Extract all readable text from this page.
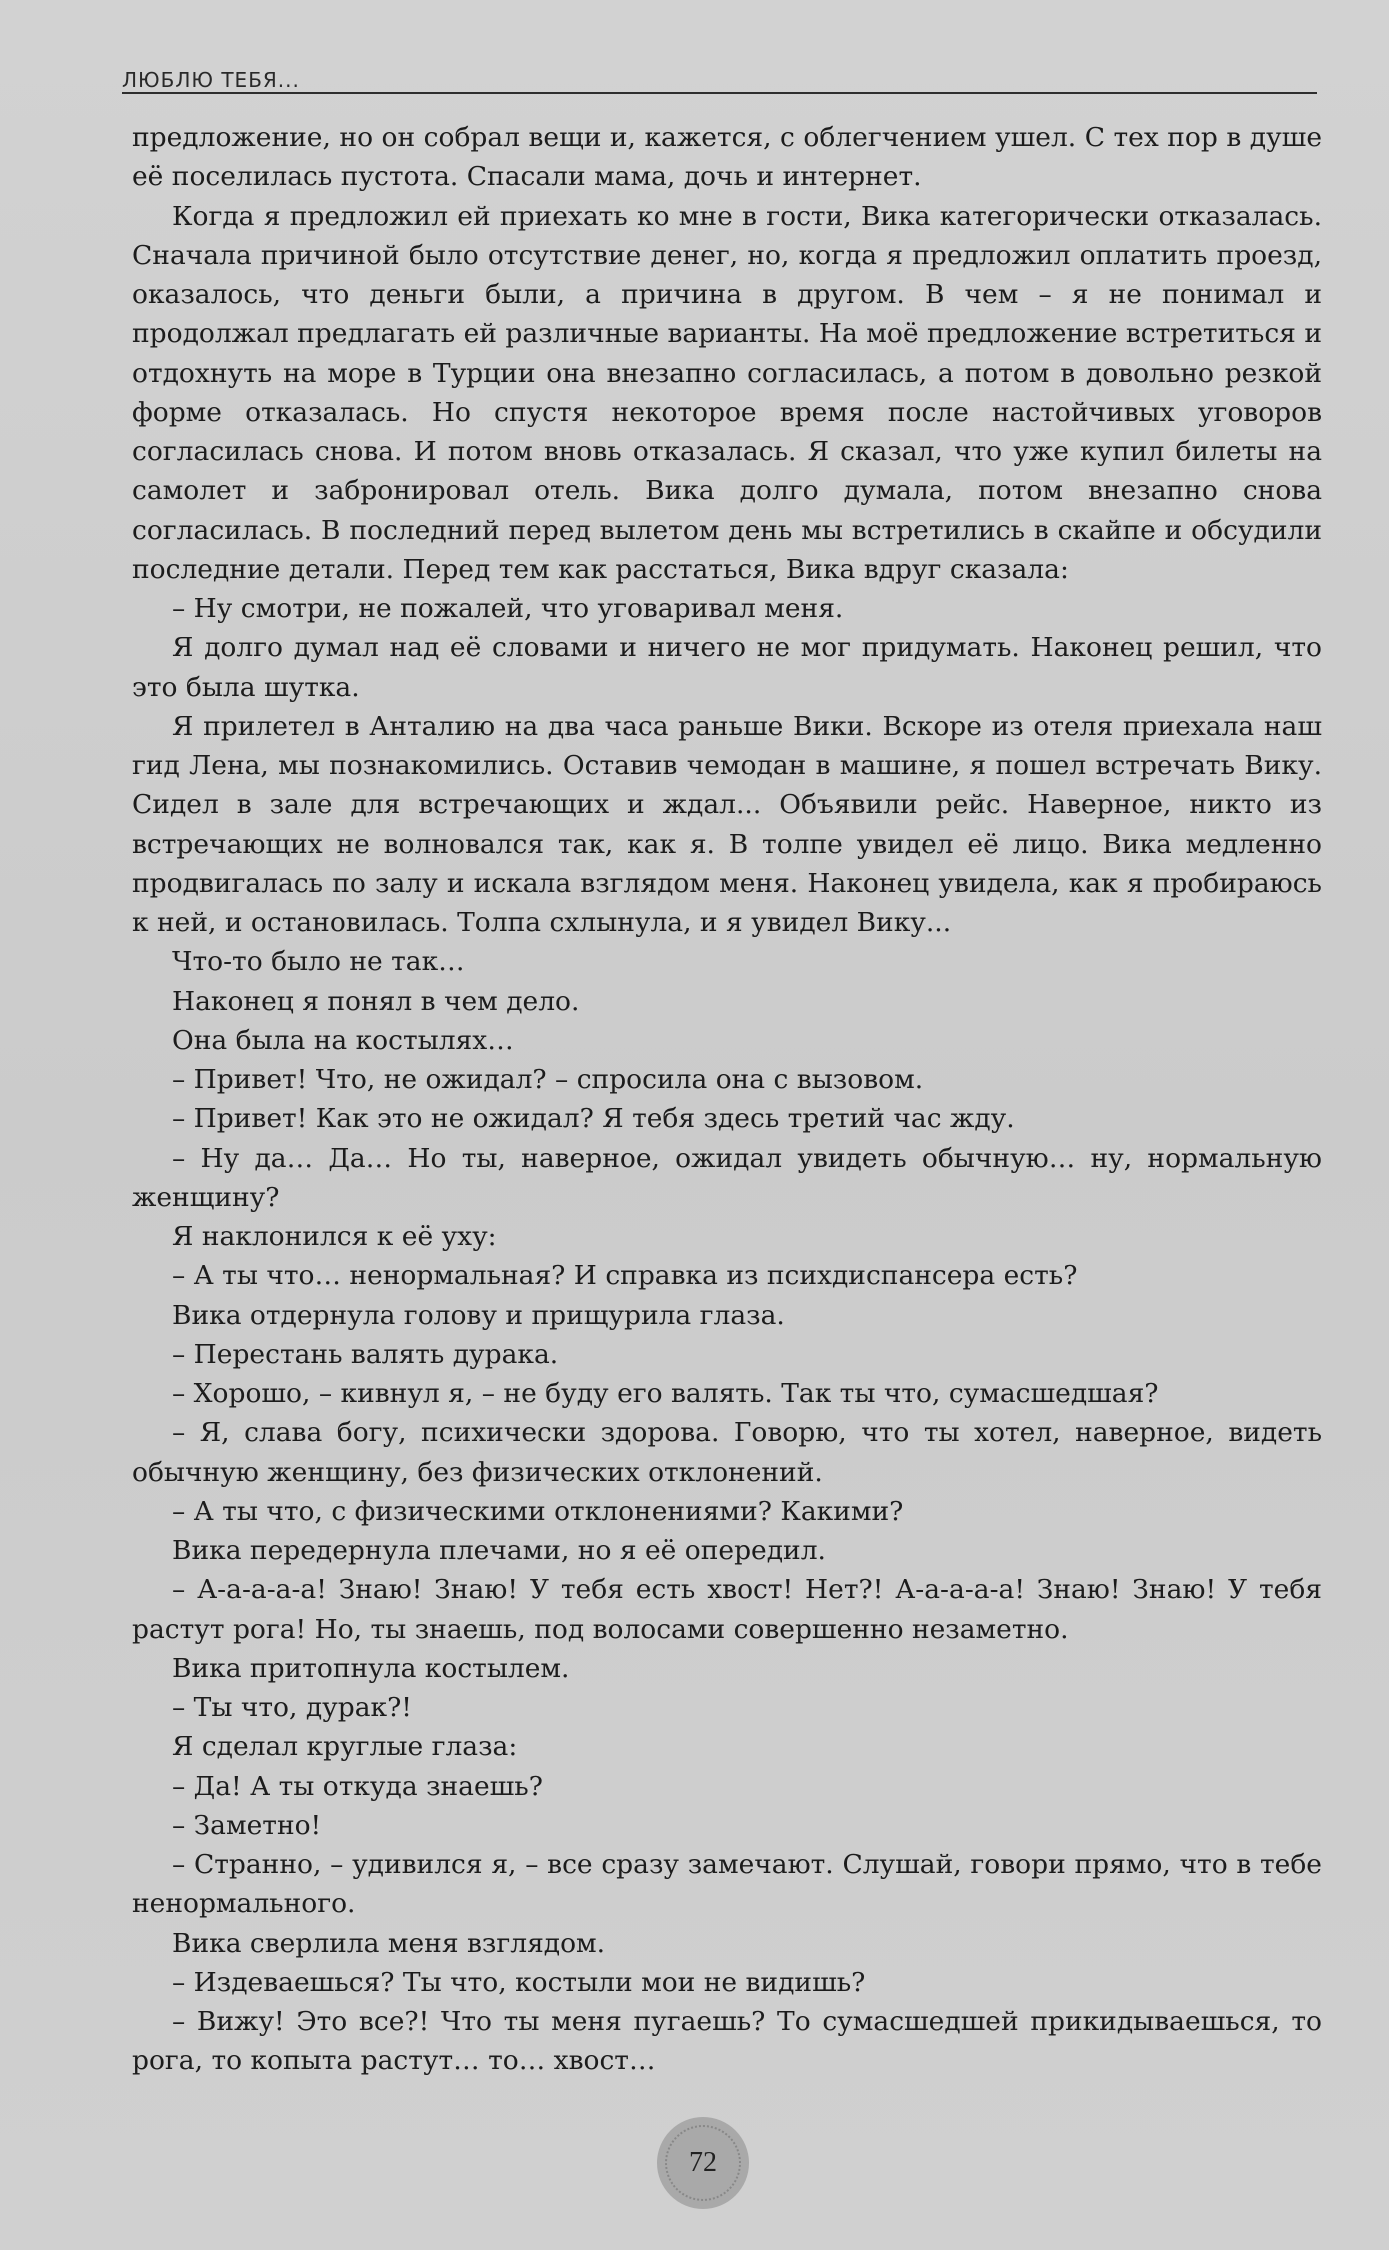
ЛЮБЛЮ ТЕБЯ...

предложение, но он собрал вещи и, кажется, с облегчением ушел. С тех пор в душе её поселилась пустота. Спасали мама, дочь и интернет.

Когда я предложил ей приехать ко мне в гости, Вика категорически отказалась. Сначала причиной было отсутствие денег, но, когда я предложил оплатить проезд, оказалось, что деньги были, а причина в другом. В чем – я не понимал и продолжал предлагать ей различные варианты. На моё предложение встретиться и отдохнуть на море в Турции она внезапно согласилась, а потом в довольно резкой форме отказалась. Но спустя некоторое время после настойчивых уговоров согласилась снова. И потом вновь отказалась. Я сказал, что уже купил билеты на самолет и забронировал отель. Вика долго думала, потом внезапно снова согласилась. В последний перед вылетом день мы встретились в скайпе и обсудили последние детали. Перед тем как расстаться, Вика вдруг сказала:

– Ну смотри, не пожалей, что уговаривал меня.

Я долго думал над её словами и ничего не мог придумать. Наконец решил, что это была шутка.

Я прилетел в Анталию на два часа раньше Вики. Вскоре из отеля приехала наш гид Лена, мы познакомились. Оставив чемодан в машине, я пошел встречать Вику. Сидел в зале для встречающих и ждал... Объявили рейс. Наверное, никто из встречающих не волновался так, как я. В толпе увидел её лицо. Вика медленно продвигалась по залу и искала взглядом меня. Наконец увидела, как я пробираюсь к ней, и остановилась. Толпа схлынула, и я увидел Вику...

Что-то было не так…

Наконец я понял в чем дело.

Она была на костылях…

– Привет! Что, не ожидал? – спросила она с вызовом.

– Привет! Как это не ожидал? Я тебя здесь третий час жду.

– Ну да… Да… Но ты, наверное, ожидал увидеть обычную… ну, нормальную женщину?

Я наклонился к её уху:

– А ты что… ненормальная? И справка из психдиспансера есть?

Вика отдернула голову и прищурила глаза.

– Перестань валять дурака.

– Хорошо, – кивнул я, – не буду его валять. Так ты что, сумасшедшая?

– Я, слава богу, психически здорова. Говорю, что ты хотел, наверное, видеть обычную женщину, без физических отклонений.

– А ты что, с физическими отклонениями? Какими?

Вика передернула плечами, но я её опередил.

– А-а-а-а-а! Знаю! Знаю! У тебя есть хвост! Нет?! А-а-а-а-а! Знаю! Знаю! У тебя растут рога! Но, ты знаешь, под волосами совершенно незаметно.

Вика притопнула костылем.

– Ты что, дурак?!

Я сделал круглые глаза:

– Да! А ты откуда знаешь?

– Заметно!

– Странно, – удивился я, – все сразу замечают. Слушай, говори прямо, что в тебе ненормального.

Вика сверлила меня взглядом.

– Издеваешься? Ты что, костыли мои не видишь?

– Вижу! Это все?! Что ты меня пугаешь? То сумасшедшей прикидываешься, то рога, то копыта растут… то… хвост…

72
